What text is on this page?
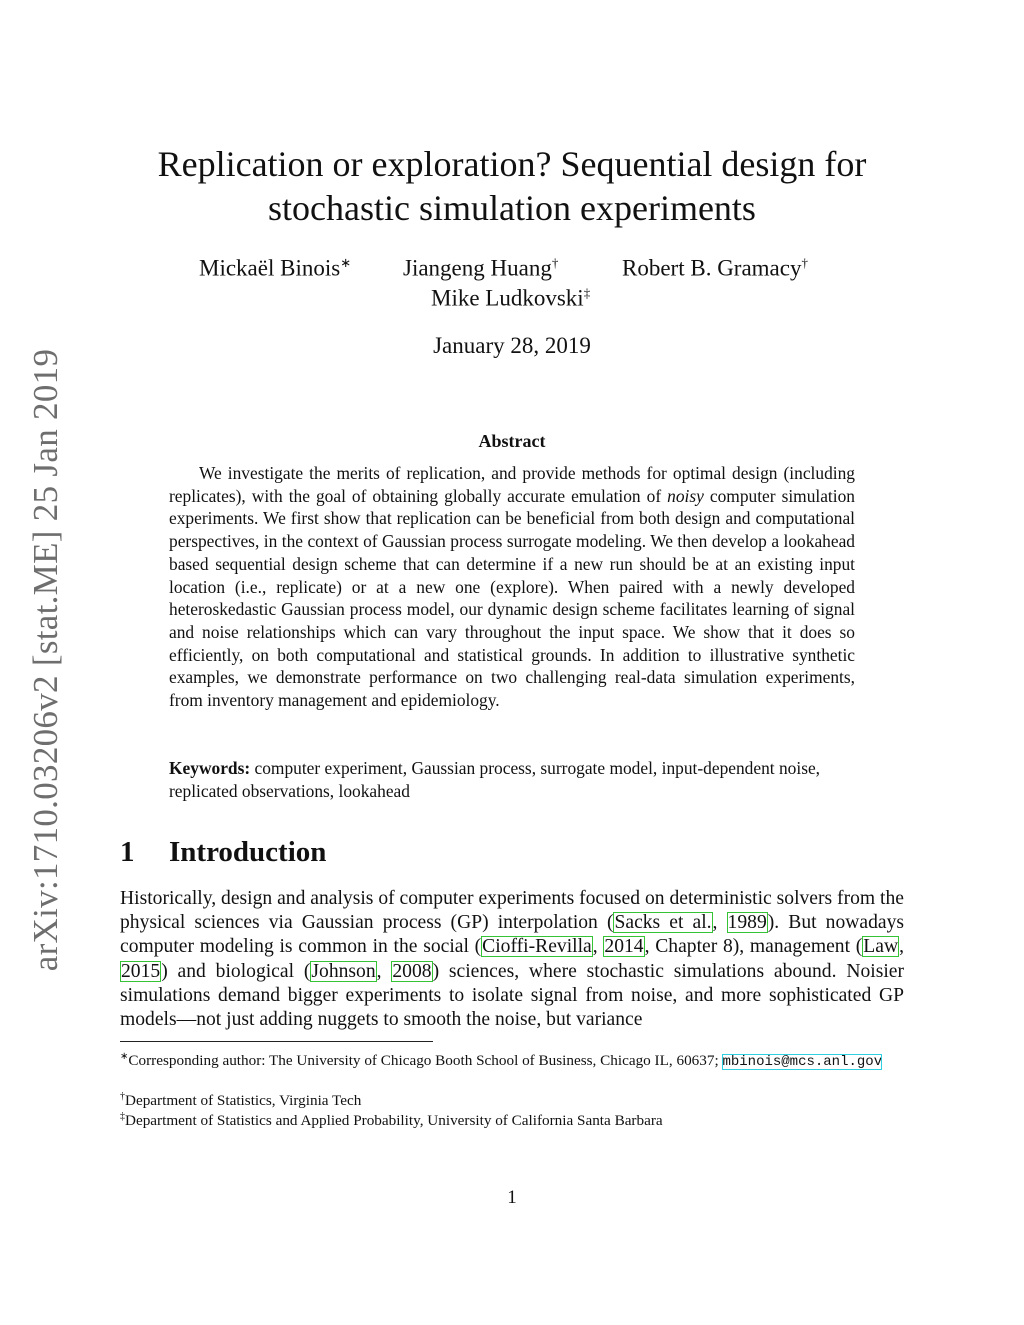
arXiv:1710.03206v2 [stat.ME] 25 Jan 2019
Replication or exploration? Sequential design for
stochastic simulation experiments
Mickaël Binois∗ Jiangeng Huang†	Robert B. Gramacy†
Mike Ludkovski‡
January 28, 2019
Abstract
We investigate the merits of replication, and provide methods for optimal design (including replicates), with the goal of obtaining globally accurate emulation of noisy computer simulation experiments. We first show that replication can be beneficial from both design and computational perspectives, in the context of Gaussian process surrogate modeling. We then develop a lookahead based sequential design scheme that can determine if a new run should be at an existing input location (i.e., replicate) or at a new one (explore). When paired with a newly developed heteroskedastic Gaussian process model, our dynamic design scheme facilitates learning of signal and noise relationships which can vary throughout the input space. We show that it does so efficiently, on both computational and statistical grounds. In addition to illustrative synthetic examples, we demonstrate performance on two challenging real-data simulation experiments, from inventory management and epidemiology.
Keywords: computer experiment, Gaussian process, surrogate model, input-dependent noise, replicated observations, lookahead
1 Introduction
Historically, design and analysis of computer experiments focused on deterministic solvers from the physical sciences via Gaussian process (GP) interpolation (Sacks et al., 1989). But nowadays computer modeling is common in the social (Cioffi-Revilla, 2014, Chapter 8), management (Law, 2015) and biological (Johnson, 2008) sciences, where stochastic simulations abound. Noisier simulations demand bigger experiments to isolate signal from noise, and more sophisticated GP models—not just adding nuggets to smooth the noise, but variance
∗Corresponding author: The University of Chicago Booth School of Business, Chicago IL, 60637; mbinois@mcs.anl.gov
†Department of Statistics, Virginia Tech
‡Department of Statistics and Applied Probability, University of California Santa Barbara
1
